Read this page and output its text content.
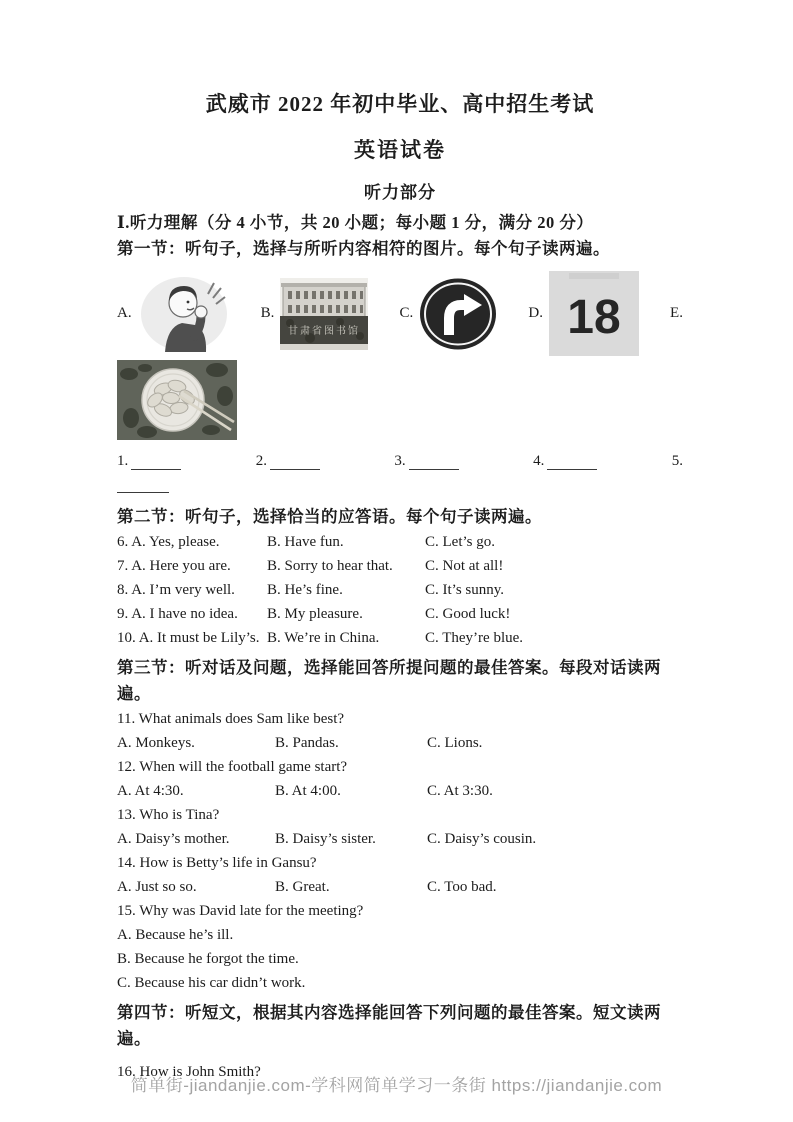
武威市 2022 年初中毕业、高中招生考试
英语试卷
听力部分
Ⅰ.听力理解（分 4 小节，共 20 小题；每小题 1 分，满分 20 分）
第一节：听句子，选择与所听内容相符的图片。每个句子读两遍。
A.	B.
甘肃省图书馆
C.	D. 18	E.
1.	2.	3.	4.	5.
第二节：听句子，选择恰当的应答语。每个句子读两遍。
6. A. Yes, please.	B. Have fun.	C. Let’s go.
7. A. Here you are.	B. Sorry to hear that.	C. Not at all!
8. A. I’m very well.	B. He’s fine.	C. It’s sunny.
9. A. I have no idea.	B. My pleasure.	C. Good luck!
10. A. It must be Lily’s. B. We’re in China.	C. They’re blue.
第三节：听对话及问题，选择能回答所提问题的最佳答案。每段对话读两遍。
11. What animals does Sam like best?
A. Monkeys.	B. Pandas.	C. Lions.
12. When will the football game start?
A. At 4:30.	B. At 4:00.	C. At 3:30.
13. Who is Tina?
A. Daisy’s mother.	B. Daisy’s sister.	C. Daisy’s cousin.
14. How is Betty’s life in Gansu?
A. Just so so.	B. Great.	C. Too bad.
15. Why was David late for the meeting?
A. Because he’s ill.
B. Because he forgot the time.
C. Because his car didn’t work.
第四节：听短文，根据其内容选择能回答下列问题的最佳答案。短文读两遍。
16. How is John Smith?
简单街-jiandanjie.com-学科网简单学习一条街 https://jiandanjie.com
